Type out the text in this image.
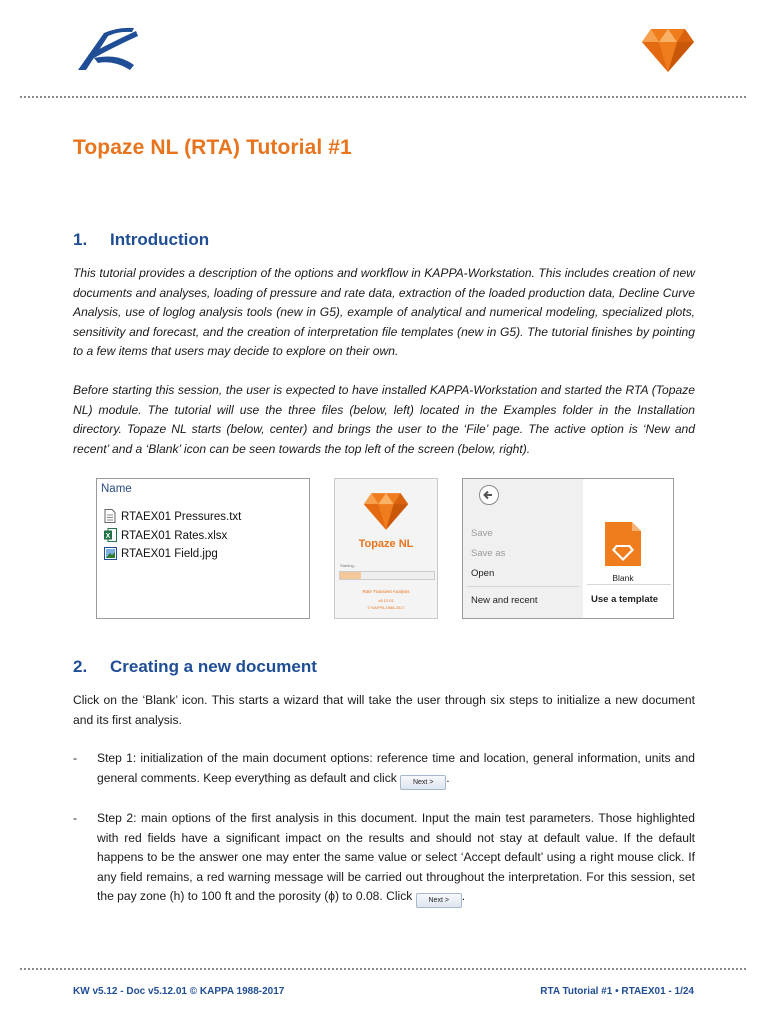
Topaze NL (RTA) Tutorial #1
1. Introduction
This tutorial provides a description of the options and workflow in KAPPA-Workstation. This includes creation of new documents and analyses, loading of pressure and rate data, extraction of the loaded production data, Decline Curve Analysis, use of loglog analysis tools (new in G5), example of analytical and numerical modeling, specialized plots, sensitivity and forecast, and the creation of interpretation file templates (new in G5). The tutorial finishes by pointing to a few items that users may decide to explore on their own.
Before starting this session, the user is expected to have installed KAPPA-Workstation and started the RTA (Topaze NL) module. The tutorial will use the three files (below, left) located in the Examples folder in the Installation directory. Topaze NL starts (below, center) and brings the user to the ‘File’ page. The active option is ‘New and recent’ and a ‘Blank’ icon can be seen towards the top left of the screen (below, right).
Name
RTAEX01 Pressures.txt
X RTAEX01 Rates.xlsx
RTAEX01 Field.jpg
Topaze NL
Starting...
Rate Transient Analysis
v5.12.01
© KAPPA 1988-2017
Save
Save as
Open
New and recent
Blank
Use a template
2. Creating a new document
Click on the ‘Blank’ icon. This starts a wizard that will take the user through six steps to initialize a new document and its first analysis.
- Step 1: initialization of the main document options: reference time and location, general information, units and general comments. Keep everything as default and click Next > .
- Step 2: main options of the first analysis in this document. Input the main test parameters. Those highlighted with red fields have a significant impact on the results and should not stay at default value. If the default happens to be the answer one may enter the same value or select ‘Accept default’ using a right mouse click. If any field remains, a red warning message will be carried out throughout the interpretation. For this session, set the pay zone (h) to 100 ft and the porosity (ϕ) to 0.08. Click Next > .
KW v5.12 - Doc v5.12.01 © KAPPA 1988-2017	RTA Tutorial #1 • RTAEX01 - 1/24
